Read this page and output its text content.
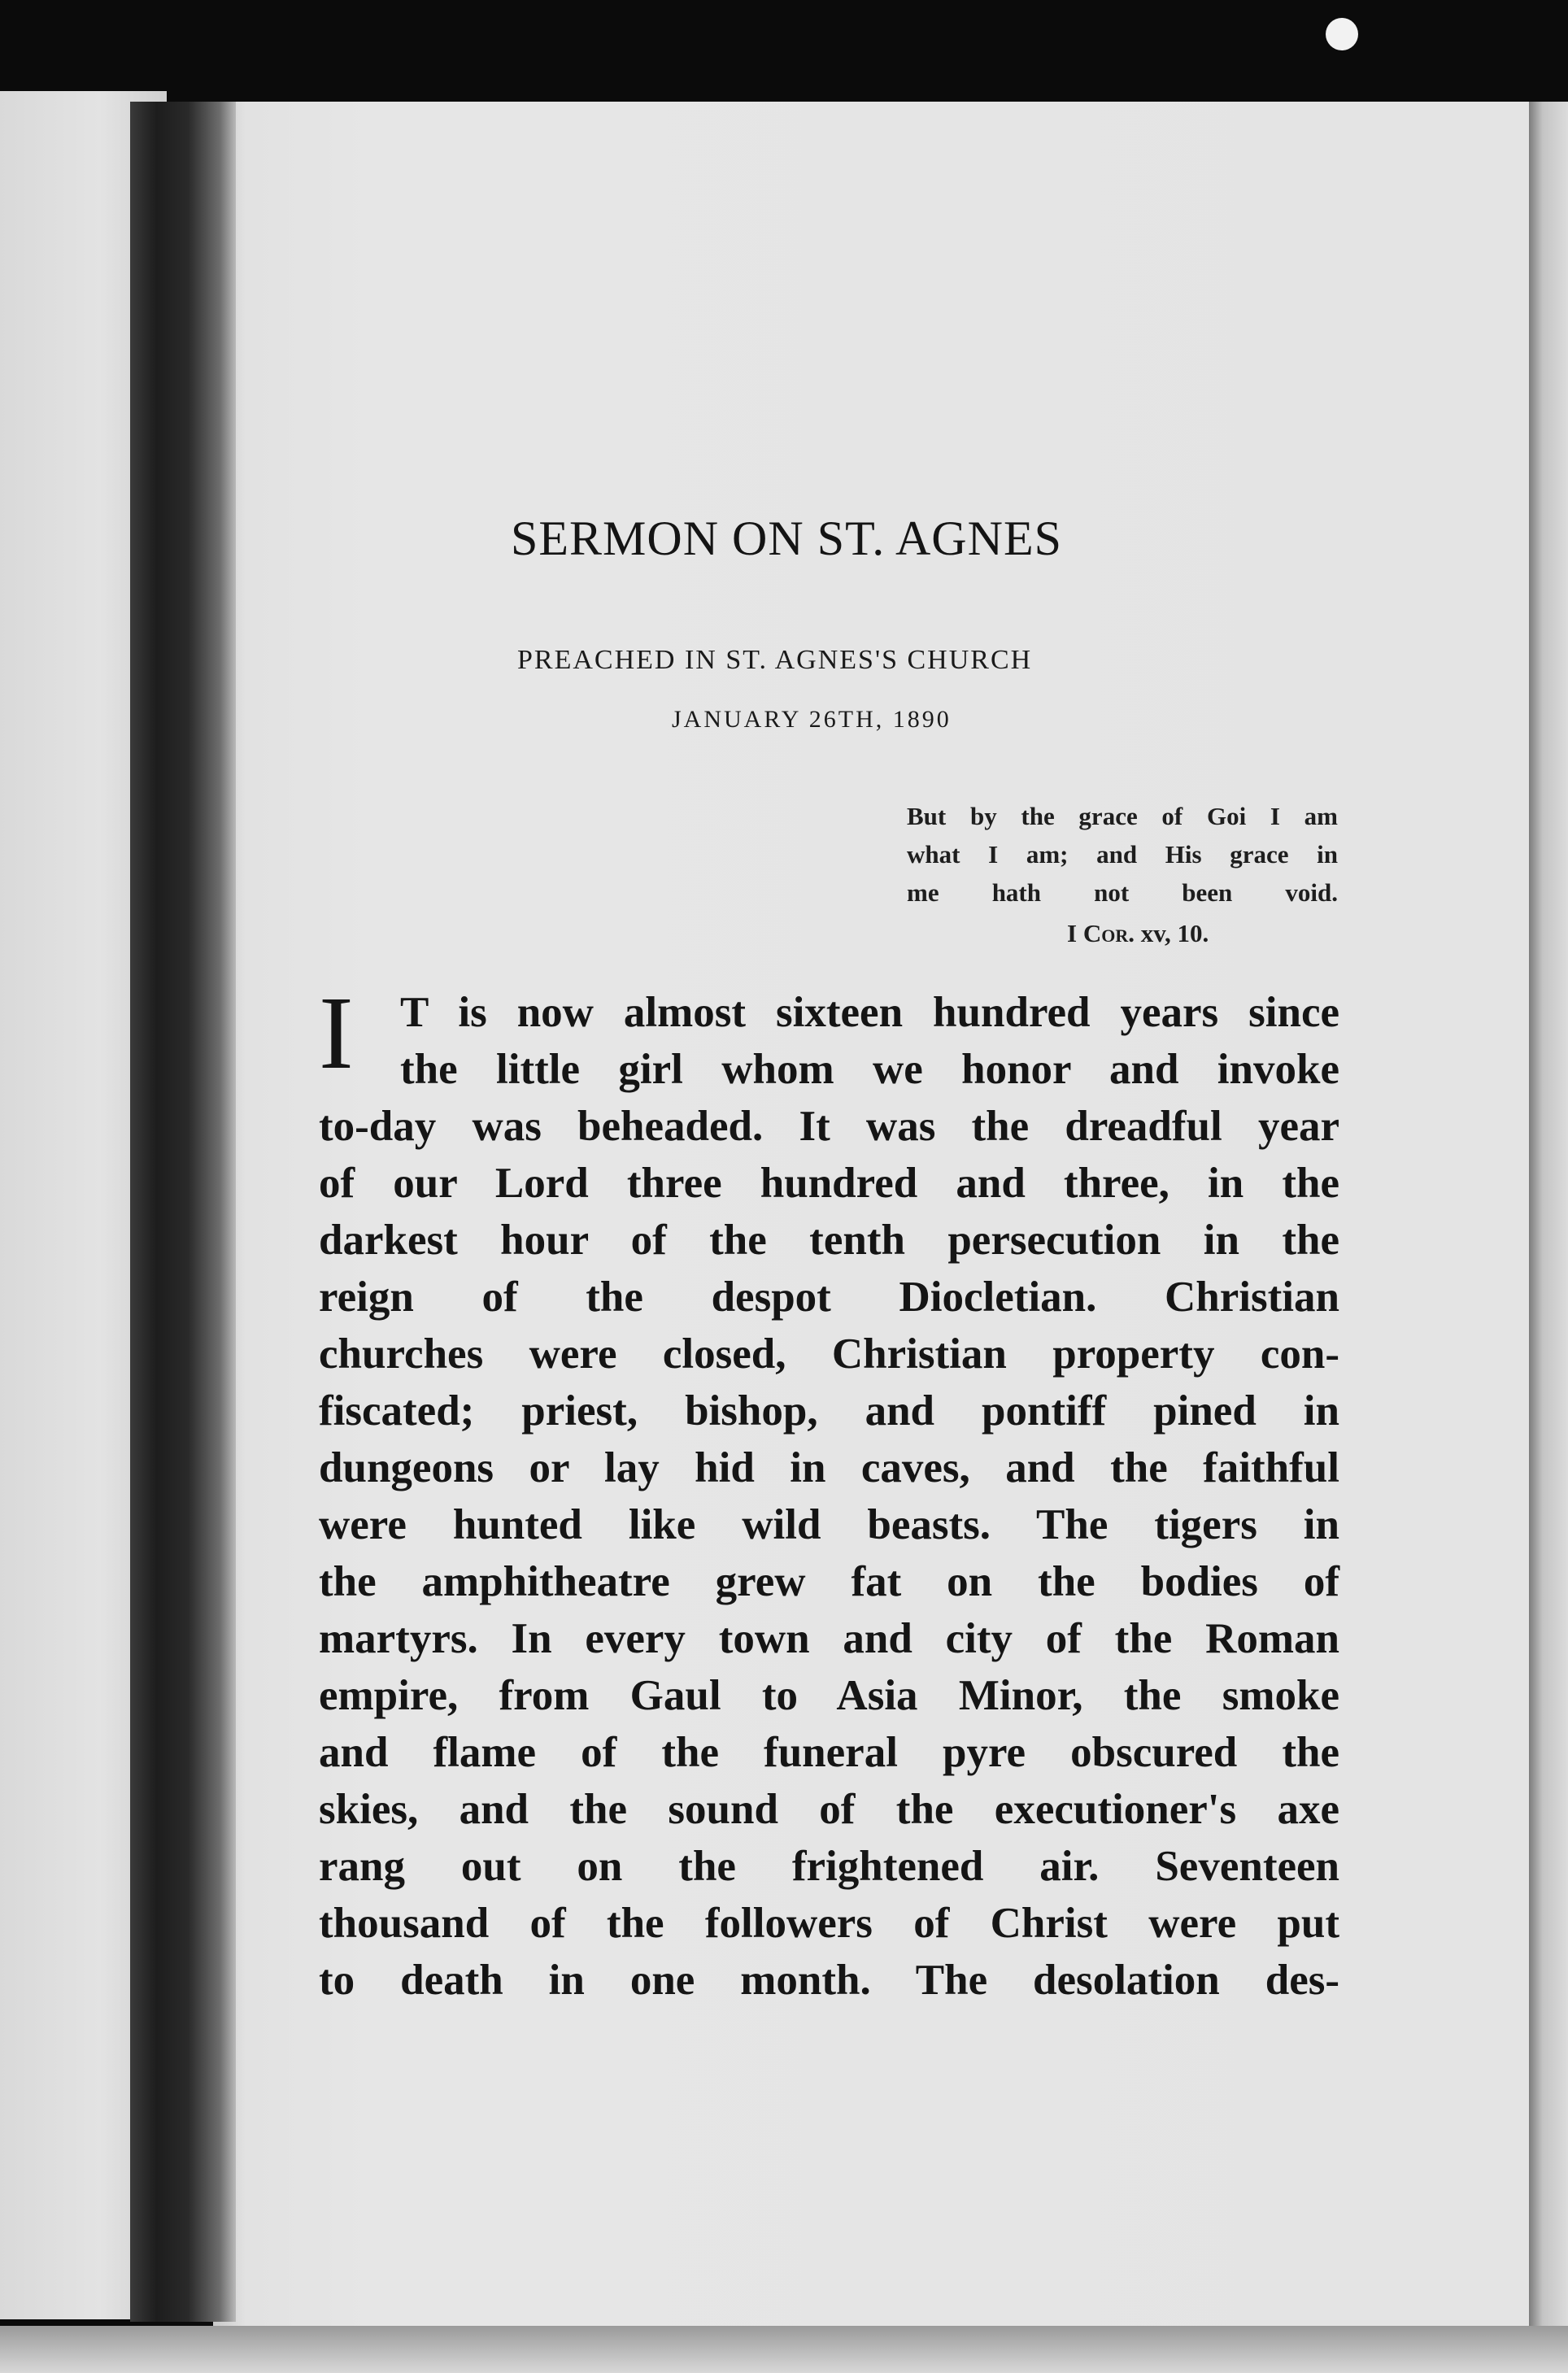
SERMON ON ST. AGNES
PREACHED IN ST. AGNES'S CHURCH
JANUARY 26TH, 1890
But by the grace of Goi I am
what I am; and His grace in
me hath not been void.
I Cor. xv, 10.
I	T is now almost sixteen hundred years since
the little girl whom we honor and invoke
to-day was beheaded. It was the dreadful year
of our Lord three hundred and three, in the
darkest hour of the tenth persecution in the
reign of the despot Diocletian. Christian
churches were closed, Christian property con-
fiscated; priest, bishop, and pontiff pined in
dungeons or lay hid in caves, and the faithful
were hunted like wild beasts. The tigers in
the amphitheatre grew fat on the bodies of
martyrs. In every town and city of the Roman
empire, from Gaul to Asia Minor, the smoke
and flame of the funeral pyre obscured the
skies, and the sound of the executioner's axe
rang out on the frightened air. Seventeen
thousand of the followers of Christ were put
to death in one month. The desolation des-
